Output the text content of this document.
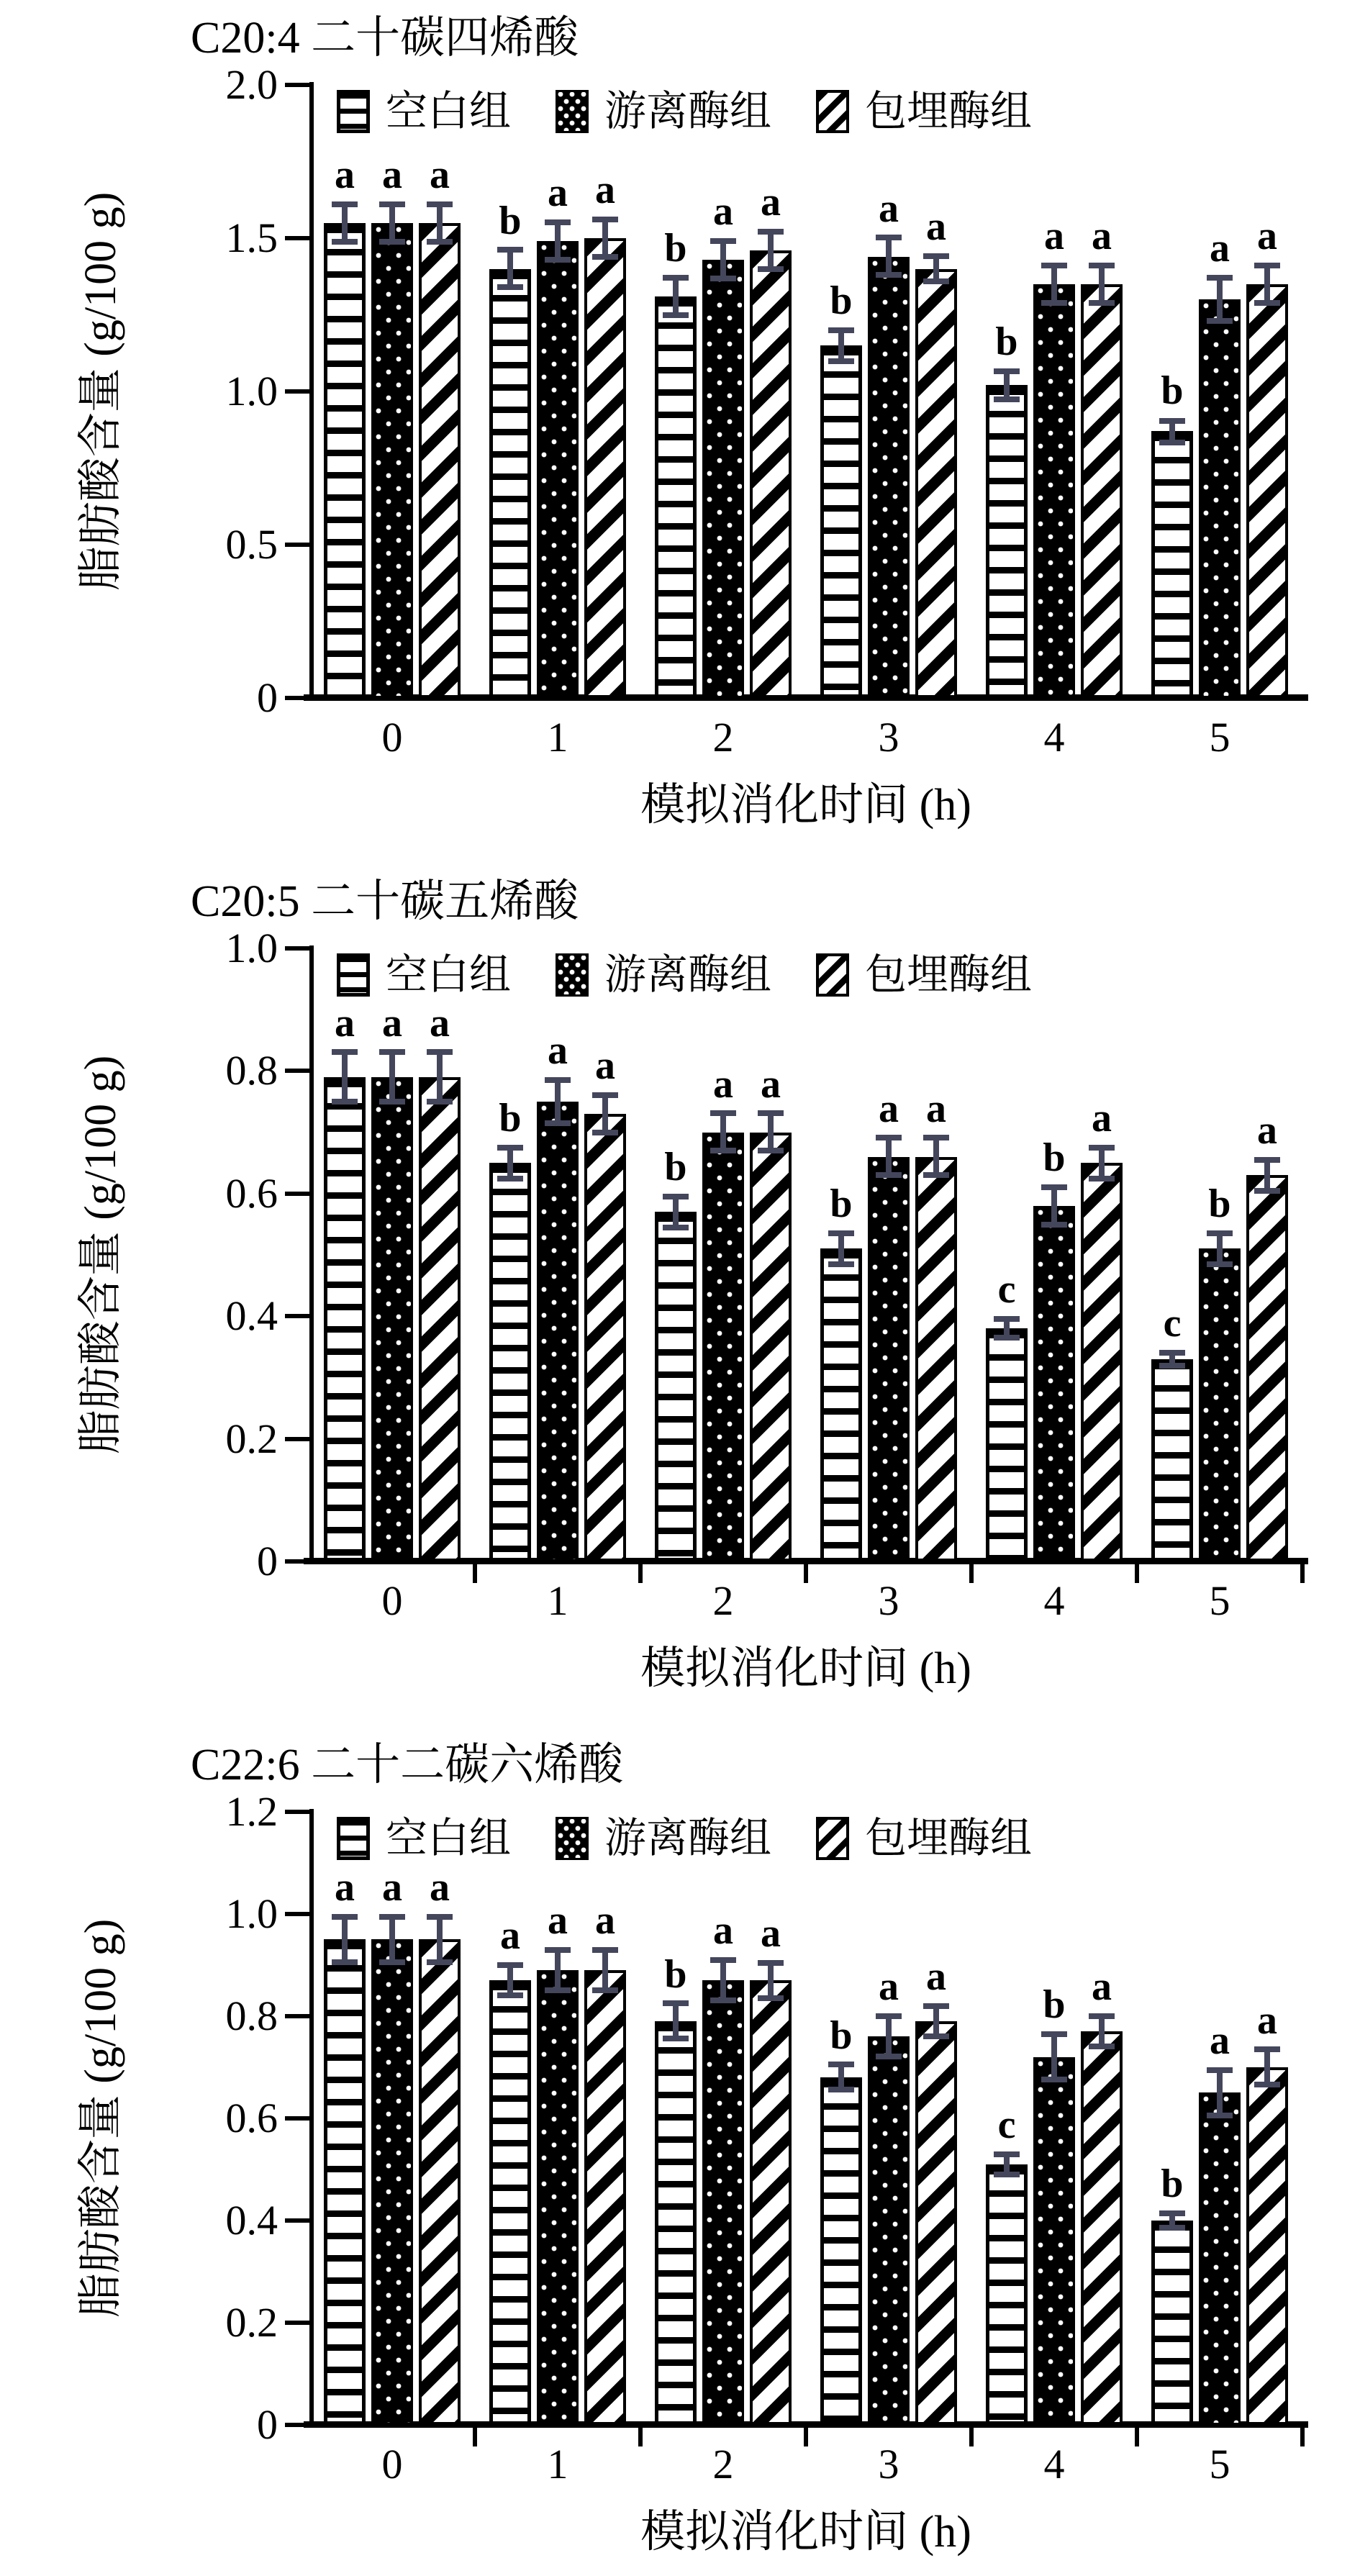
C20:4 二十碳四烯酸
脂肪酸含量 (g/100 g)
0
0.5
1.0
1.5
2.0
空白组 游离酶组 包埋酶组
a
b
b
b
b
b
a	a	a	a
a	a
a	a	a
a	a	a
0	1	2	3	4	5
模拟消化时间 (h)
C20:5 二十碳五烯酸
脂肪酸含量 (g/100 g)
0
0.2
0.4
0.6
0.8
1.0
空白组 游离酶组 包埋酶组
a
b
b
b
c
c
a
a
a
a
b
b
a
a	a
a	a	a
0	1	2	3	4	5
模拟消化时间 (h)
C22:6 二十二碳六烯酸
脂肪酸含量 (g/100 g)
0
0.2
0.4
0.6
0.8
1.0
1.2
空白组 游离酶组 包埋酶组
a
a
b
b
c
b
a
a	a
a	b
a
a
a	a
a	a
a
0	1	2	3	4	5
模拟消化时间 (h)
